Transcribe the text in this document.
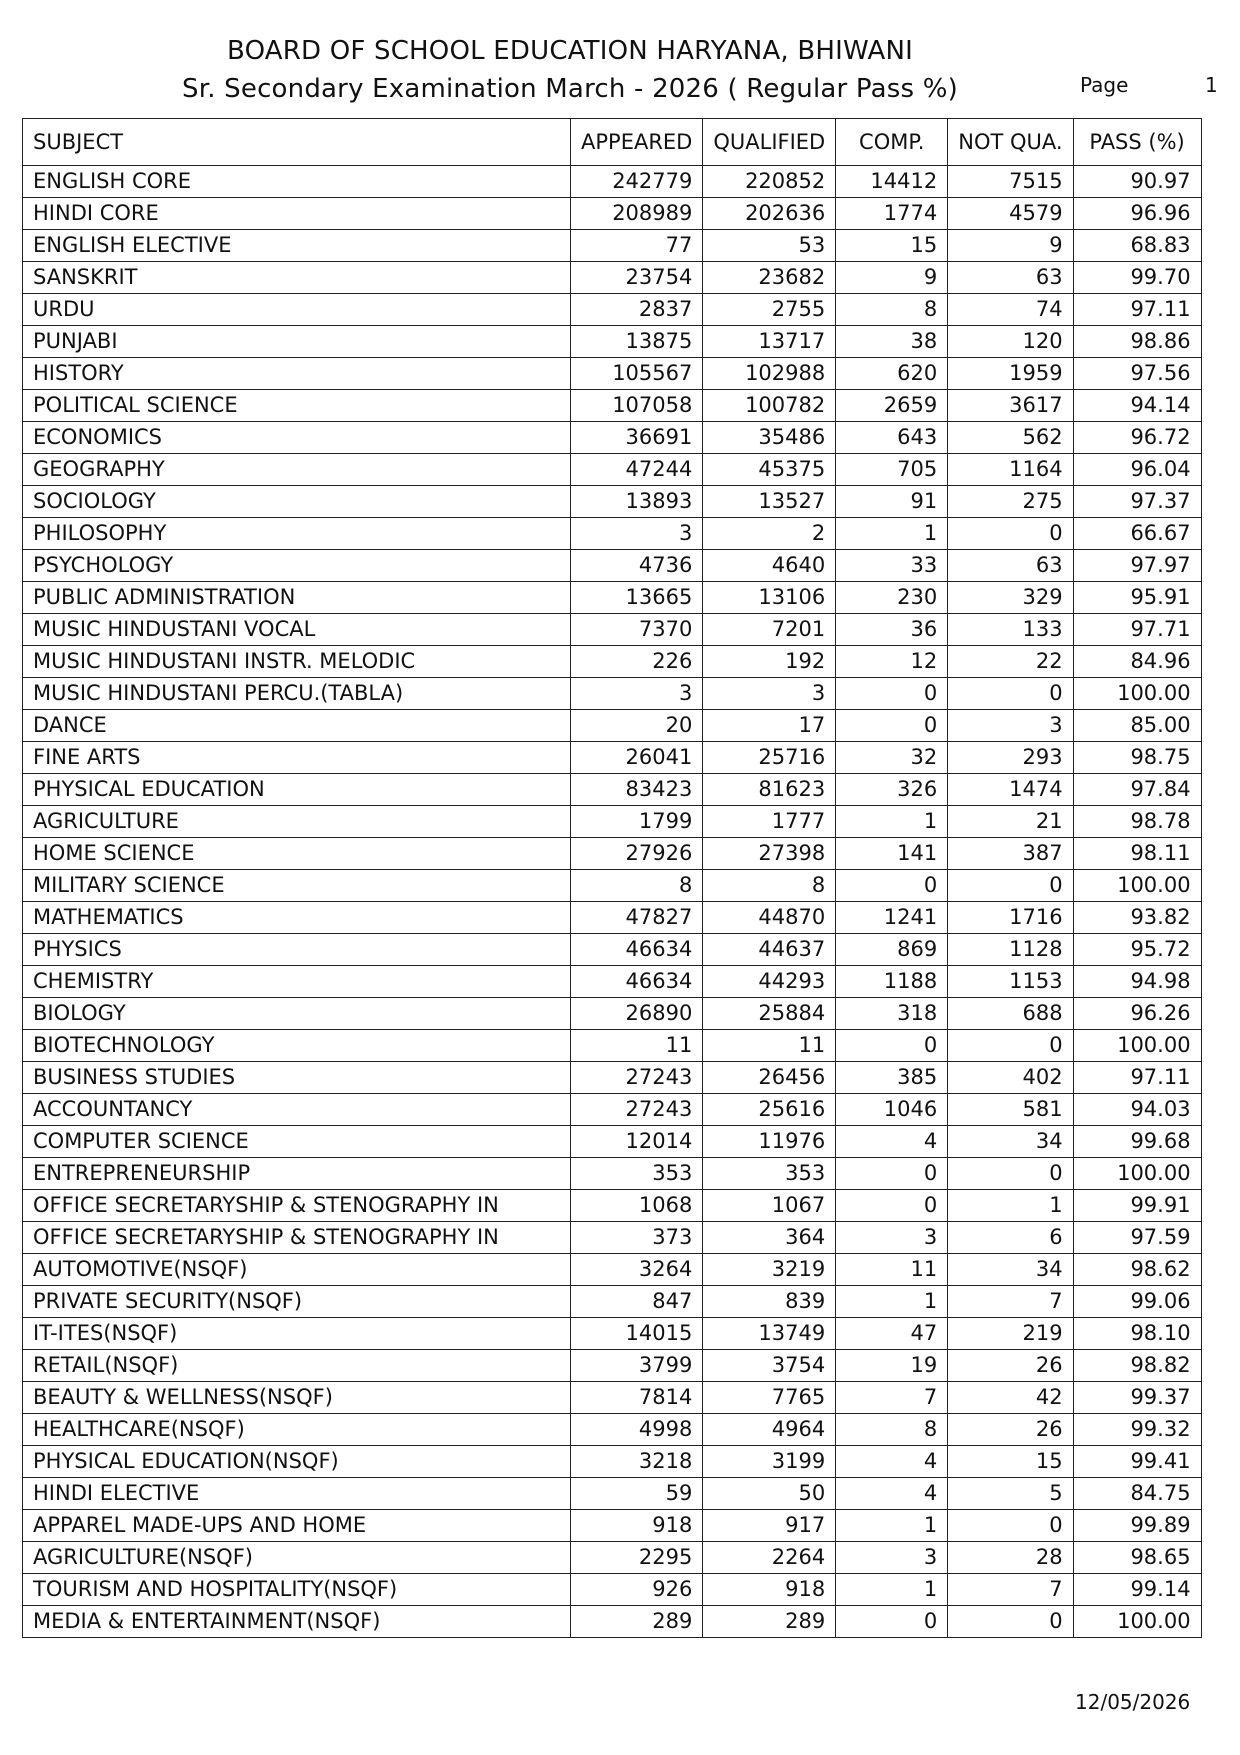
BOARD OF SCHOOL EDUCATION HARYANA, BHIWANI
Sr. Secondary Examination March - 2026 ( Regular Pass %)	Page	1
SUBJECT	APPEARED	QUALIFIED	COMP.	NOT QUA.	PASS (%)
ENGLISH CORE	242779	220852	14412	7515	90.97
HINDI CORE	208989	202636	1774	4579	96.96
ENGLISH ELECTIVE	77	53	15	9	68.83
SANSKRIT	23754	23682	9	63	99.70
URDU	2837	2755	8	74	97.11
PUNJABI	13875	13717	38	120	98.86
HISTORY	105567	102988	620	1959	97.56
POLITICAL SCIENCE	107058	100782	2659	3617	94.14
ECONOMICS	36691	35486	643	562	96.72
GEOGRAPHY	47244	45375	705	1164	96.04
SOCIOLOGY	13893	13527	91	275	97.37
PHILOSOPHY	3	2	1	0	66.67
PSYCHOLOGY	4736	4640	33	63	97.97
PUBLIC ADMINISTRATION	13665	13106	230	329	95.91
MUSIC HINDUSTANI VOCAL	7370	7201	36	133	97.71
MUSIC HINDUSTANI INSTR. MELODIC	226	192	12	22	84.96
MUSIC HINDUSTANI PERCU.(TABLA)	3	3	0	0	100.00
DANCE	20	17	0	3	85.00
FINE ARTS	26041	25716	32	293	98.75
PHYSICAL EDUCATION	83423	81623	326	1474	97.84
AGRICULTURE	1799	1777	1	21	98.78
HOME SCIENCE	27926	27398	141	387	98.11
MILITARY SCIENCE	8	8	0	0	100.00
MATHEMATICS	47827	44870	1241	1716	93.82
PHYSICS	46634	44637	869	1128	95.72
CHEMISTRY	46634	44293	1188	1153	94.98
BIOLOGY	26890	25884	318	688	96.26
BIOTECHNOLOGY	11	11	0	0	100.00
BUSINESS STUDIES	27243	26456	385	402	97.11
ACCOUNTANCY	27243	25616	1046	581	94.03
COMPUTER SCIENCE	12014	11976	4	34	99.68
ENTREPRENEURSHIP	353	353	0	0	100.00
OFFICE SECRETARYSHIP & STENOGRAPHY IN	1068	1067	0	1	99.91
OFFICE SECRETARYSHIP & STENOGRAPHY IN	373	364	3	6	97.59
AUTOMOTIVE(NSQF)	3264	3219	11	34	98.62
PRIVATE SECURITY(NSQF)	847	839	1	7	99.06
IT-ITES(NSQF)	14015	13749	47	219	98.10
RETAIL(NSQF)	3799	3754	19	26	98.82
BEAUTY & WELLNESS(NSQF)	7814	7765	7	42	99.37
HEALTHCARE(NSQF)	4998	4964	8	26	99.32
PHYSICAL EDUCATION(NSQF)	3218	3199	4	15	99.41
HINDI ELECTIVE	59	50	4	5	84.75
APPAREL MADE-UPS AND HOME	918	917	1	0	99.89
AGRICULTURE(NSQF)	2295	2264	3	28	98.65
TOURISM AND HOSPITALITY(NSQF)	926	918	1	7	99.14
MEDIA & ENTERTAINMENT(NSQF)	289	289	0	0	100.00
12/05/2026
